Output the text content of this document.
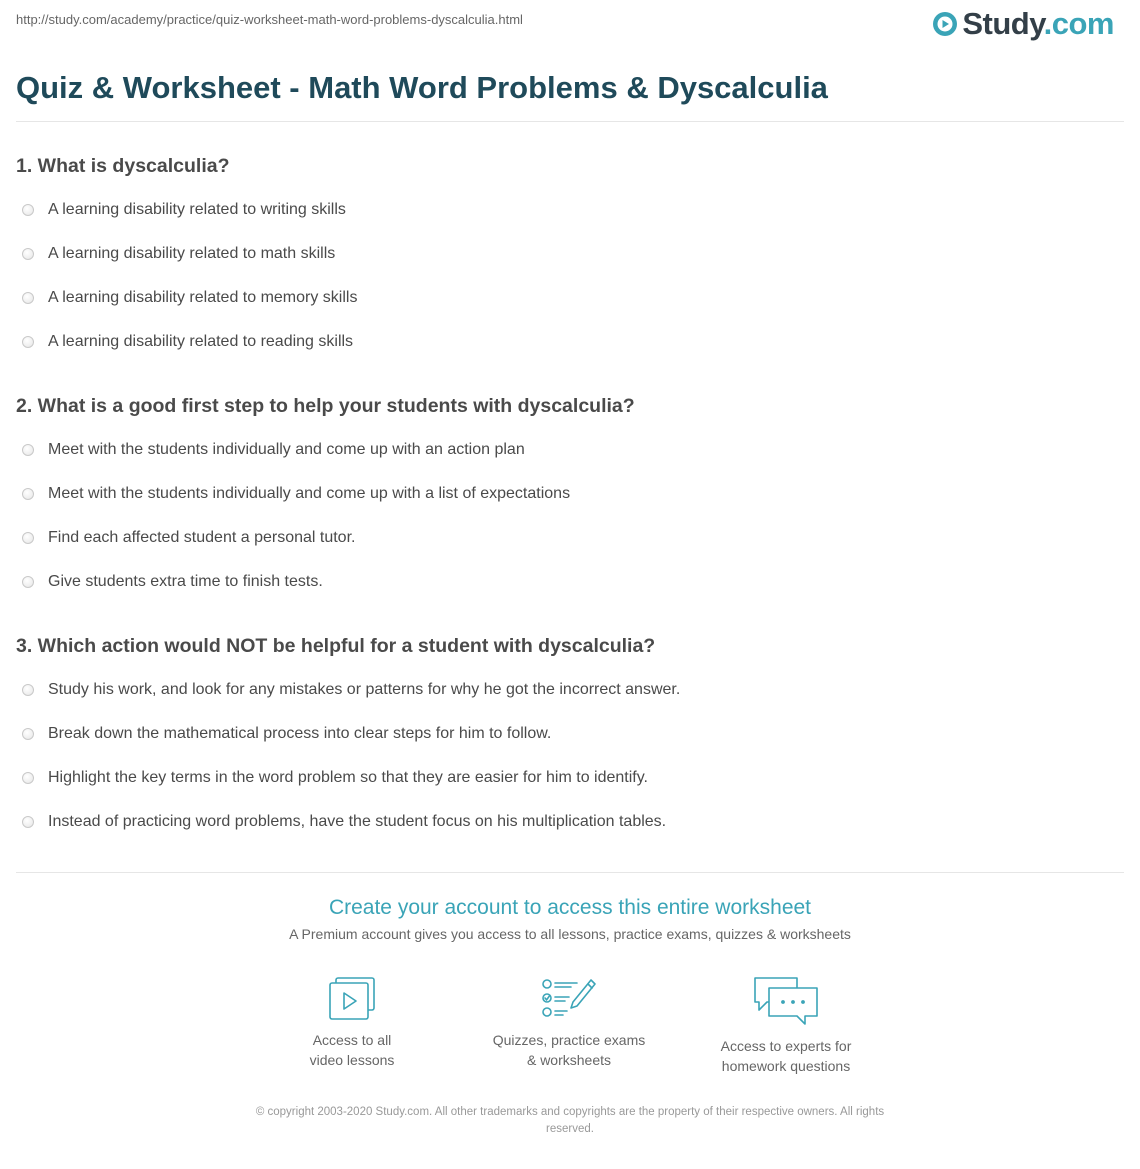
http://study.com/academy/practice/quiz-worksheet-math-word-problems-dyscalculia.html	Study.com
Quiz & Worksheet - Math Word Problems & Dyscalculia
1. What is dyscalculia?
A learning disability related to writing skills
A learning disability related to math skills
A learning disability related to memory skills
A learning disability related to reading skills
2. What is a good first step to help your students with dyscalculia?
Meet with the students individually and come up with an action plan
Meet with the students individually and come up with a list of expectations
Find each affected student a personal tutor.
Give students extra time to finish tests.
3. Which action would NOT be helpful for a student with dyscalculia?
Study his work, and look for any mistakes or patterns for why he got the incorrect answer.
Break down the mathematical process into clear steps for him to follow.
Highlight the key terms in the word problem so that they are easier for him to identify.
Instead of practicing word problems, have the student focus on his multiplication tables.
Create your account to access this entire worksheet
A Premium account gives you access to all lessons, practice exams, quizzes & worksheets
Access to all
video lessons
Quizzes, practice exams
& worksheets
Access to experts for
homework questions
© copyright 2003-2020 Study.com. All other trademarks and copyrights are the property of their respective owners. All rights
reserved.
